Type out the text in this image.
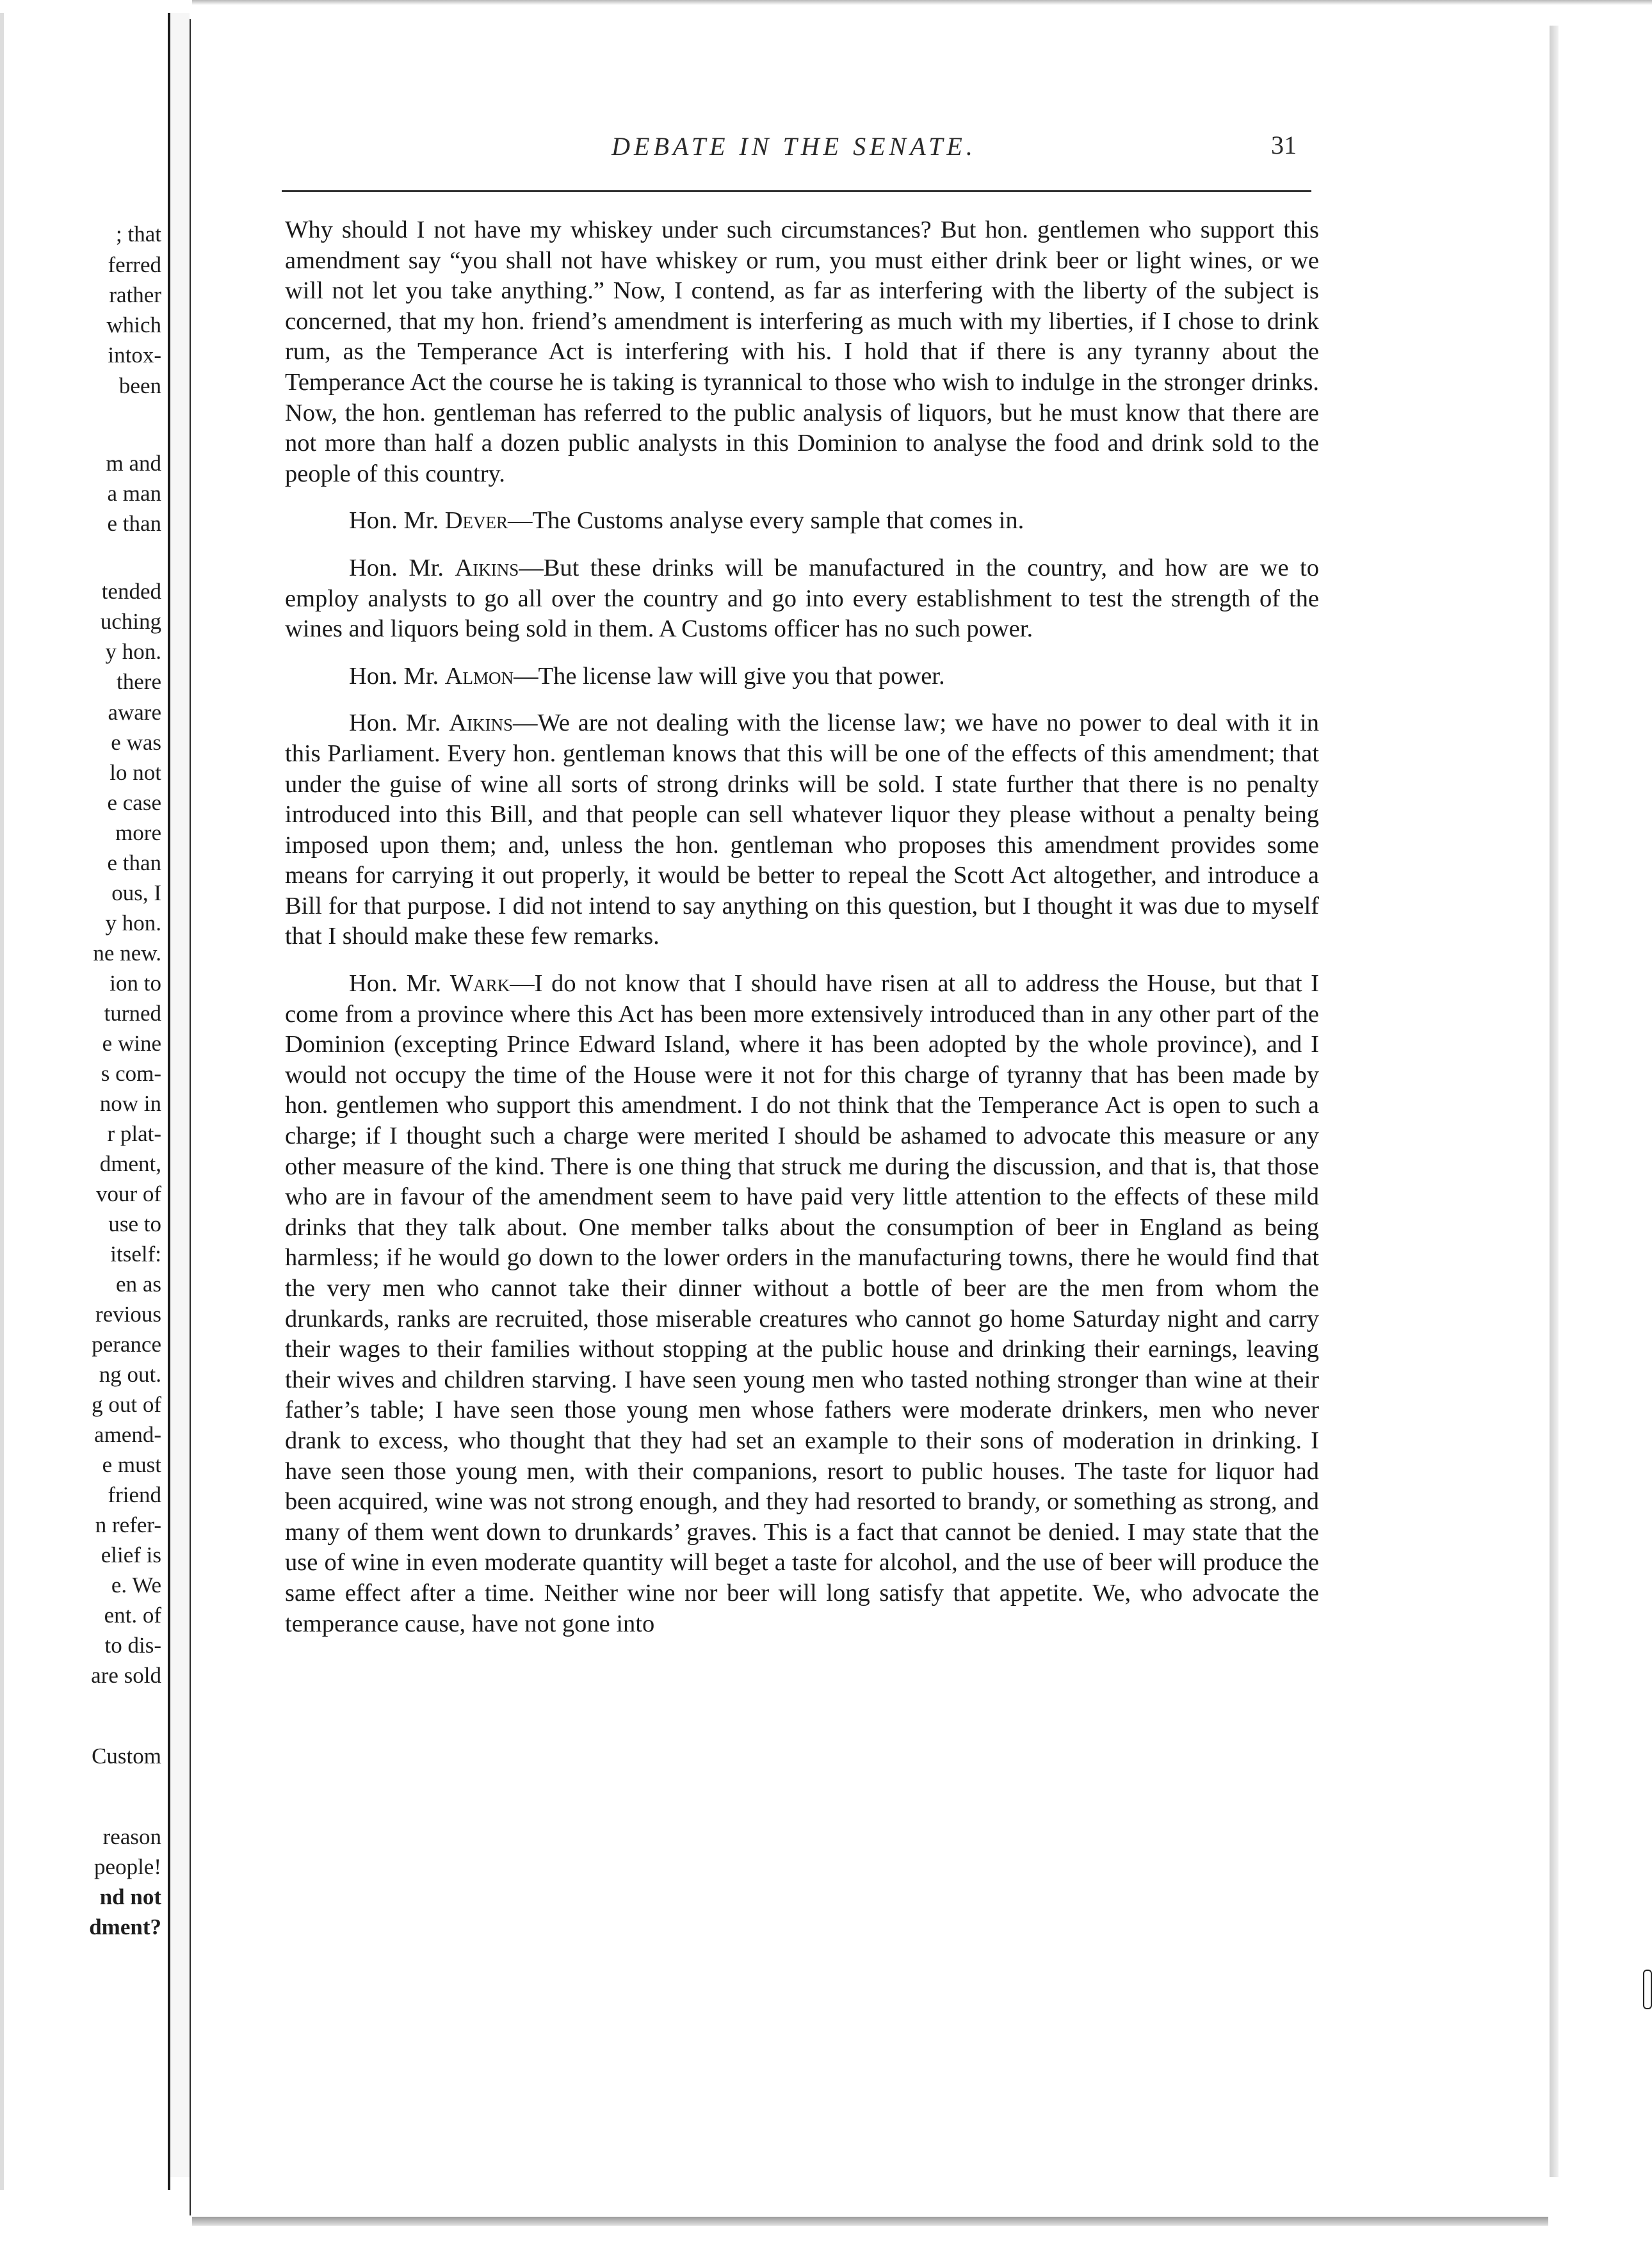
; that
ferred
rather
which
intox-
been
m and
a man
e than
tended
uching
y hon.
there
aware
e was
lo not
e case
more
e than
ous, I
y hon.
ne new.
ion to
turned
e wine
s com-
now in
r plat-
dment,
vour of
use to
itself:
en as
revious
perance
ng out.
g out of
amend-
e must
friend
n refer-
elief is
e. We
ent. of
to dis-
are sold
Custom
reason
people!
nd not
dment?
DEBATE IN THE SENATE.	31

Why should I not have my whiskey under such circumstances? But hon. gentlemen who support this amendment say “you shall not have whiskey or rum, you must either drink beer or light wines, or we will not let you take anything.” Now, I contend, as far as interfering with the liberty of the subject is concerned, that my hon. friend’s amendment is interfering as much with my liberties, if I chose to drink rum, as the Temperance Act is interfering with his. I hold that if there is any tyranny about the Temperance Act the course he is taking is tyrannical to those who wish to indulge in the stronger drinks. Now, the hon. gentleman has referred to the public analysis of liquors, but he must know that there are not more than half a dozen public analysts in this Dominion to analyse the food and drink sold to the people of this country.

Hon. Mr. Dever—The Customs analyse every sample that comes in.

Hon. Mr. Aikins—But these drinks will be manufactured in the country, and how are we to employ analysts to go all over the country and go into every establishment to test the strength of the wines and liquors being sold in them. A Customs officer has no such power.

Hon. Mr. Almon—The license law will give you that power.

Hon. Mr. Aikins—We are not dealing with the license law; we have no power to deal with it in this Parliament. Every hon. gentleman knows that this will be one of the effects of this amendment; that under the guise of wine all sorts of strong drinks will be sold. I state further that there is no penalty introduced into this Bill, and that people can sell whatever liquor they please without a penalty being imposed upon them; and, unless the hon. gentleman who proposes this amendment provides some means for carrying it out properly, it would be better to repeal the Scott Act altogether, and introduce a Bill for that purpose. I did not intend to say anything on this question, but I thought it was due to myself that I should make these few remarks.

Hon. Mr. Wark—I do not know that I should have risen at all to address the House, but that I come from a province where this Act has been more extensively introduced than in any other part of the Dominion (excepting Prince Edward Island, where it has been adopted by the whole province), and I would not occupy the time of the House were it not for this charge of tyranny that has been made by hon. gentlemen who support this amendment. I do not think that the Temperance Act is open to such a charge; if I thought such a charge were merited I should be ashamed to advocate this measure or any other measure of the kind. There is one thing that struck me during the discussion, and that is, that those who are in favour of the amendment seem to have paid very little attention to the effects of these mild drinks that they talk about. One member talks about the consumption of beer in England as being harmless; if he would go down to the lower orders in the manufacturing towns, there he would find that the very men who cannot take their dinner without a bottle of beer are the men from whom the drunkards, ranks are recruited, those miserable creatures who cannot go home Saturday night and carry their wages to their families without stopping at the public house and drinking their earnings, leaving their wives and children starving. I have seen young men who tasted nothing stronger than wine at their father’s table; I have seen those young men whose fathers were moderate drinkers, men who never drank to excess, who thought that they had set an example to their sons of moderation in drinking. I have seen those young men, with their companions, resort to public houses. The taste for liquor had been acquired, wine was not strong enough, and they had resorted to brandy, or something as strong, and many of them went down to drunkards’ graves. This is a fact that cannot be denied. I may state that the use of wine in even moderate quantity will beget a taste for alcohol, and the use of beer will produce the same effect after a time. Neither wine nor beer will long satisfy that appetite. We, who advocate the temperance cause, have not gone into
